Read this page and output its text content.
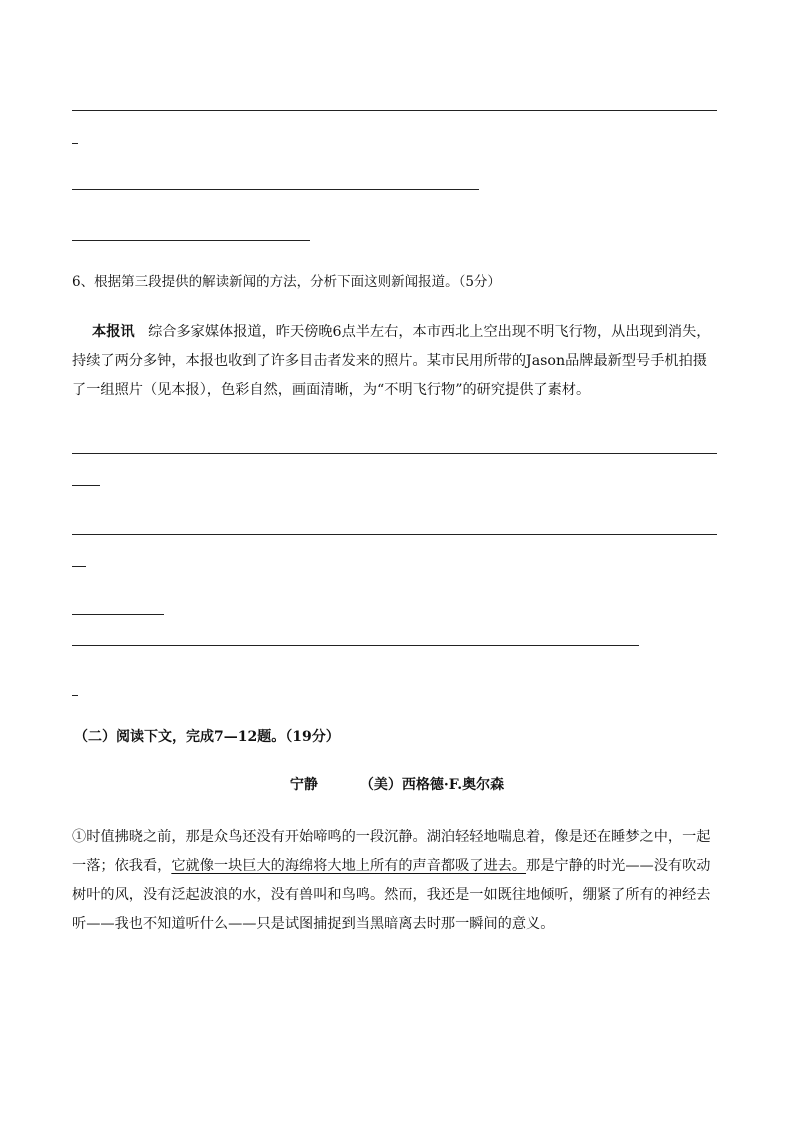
6、根据第三段提供的解读新闻的方法，分析下面这则新闻报道。（5分）
本报讯 综合多家媒体报道，昨天傍晚6点半左右，本市西北上空出现不明飞行物，从出现到消失，持续了两分多钟，本报也收到了许多目击者发来的照片。某市民用所带的Jason品牌最新型号手机拍摄了一组照片（见本报），色彩自然，画面清晰，为“不明飞行物”的研究提供了素材。
（二）阅读下文，完成7—12题。（19分）
宁静	（美）西格德·F.奥尔森
①时值拂晓之前，那是众鸟还没有开始啼鸣的一段沉静。湖泊轻轻地喘息着，像是还在睡梦之中，一起一落；依我看，它就像一块巨大的海绵将大地上所有的声音都吸了进去。那是宁静的时光——没有吹动树叶的风，没有泛起波浪的水，没有兽叫和鸟鸣。然而，我还是一如既往地倾听，绷紧了所有的神经去听——我也不知道听什么——只是试图捕捉到当黑暗离去时那一瞬间的意义。
